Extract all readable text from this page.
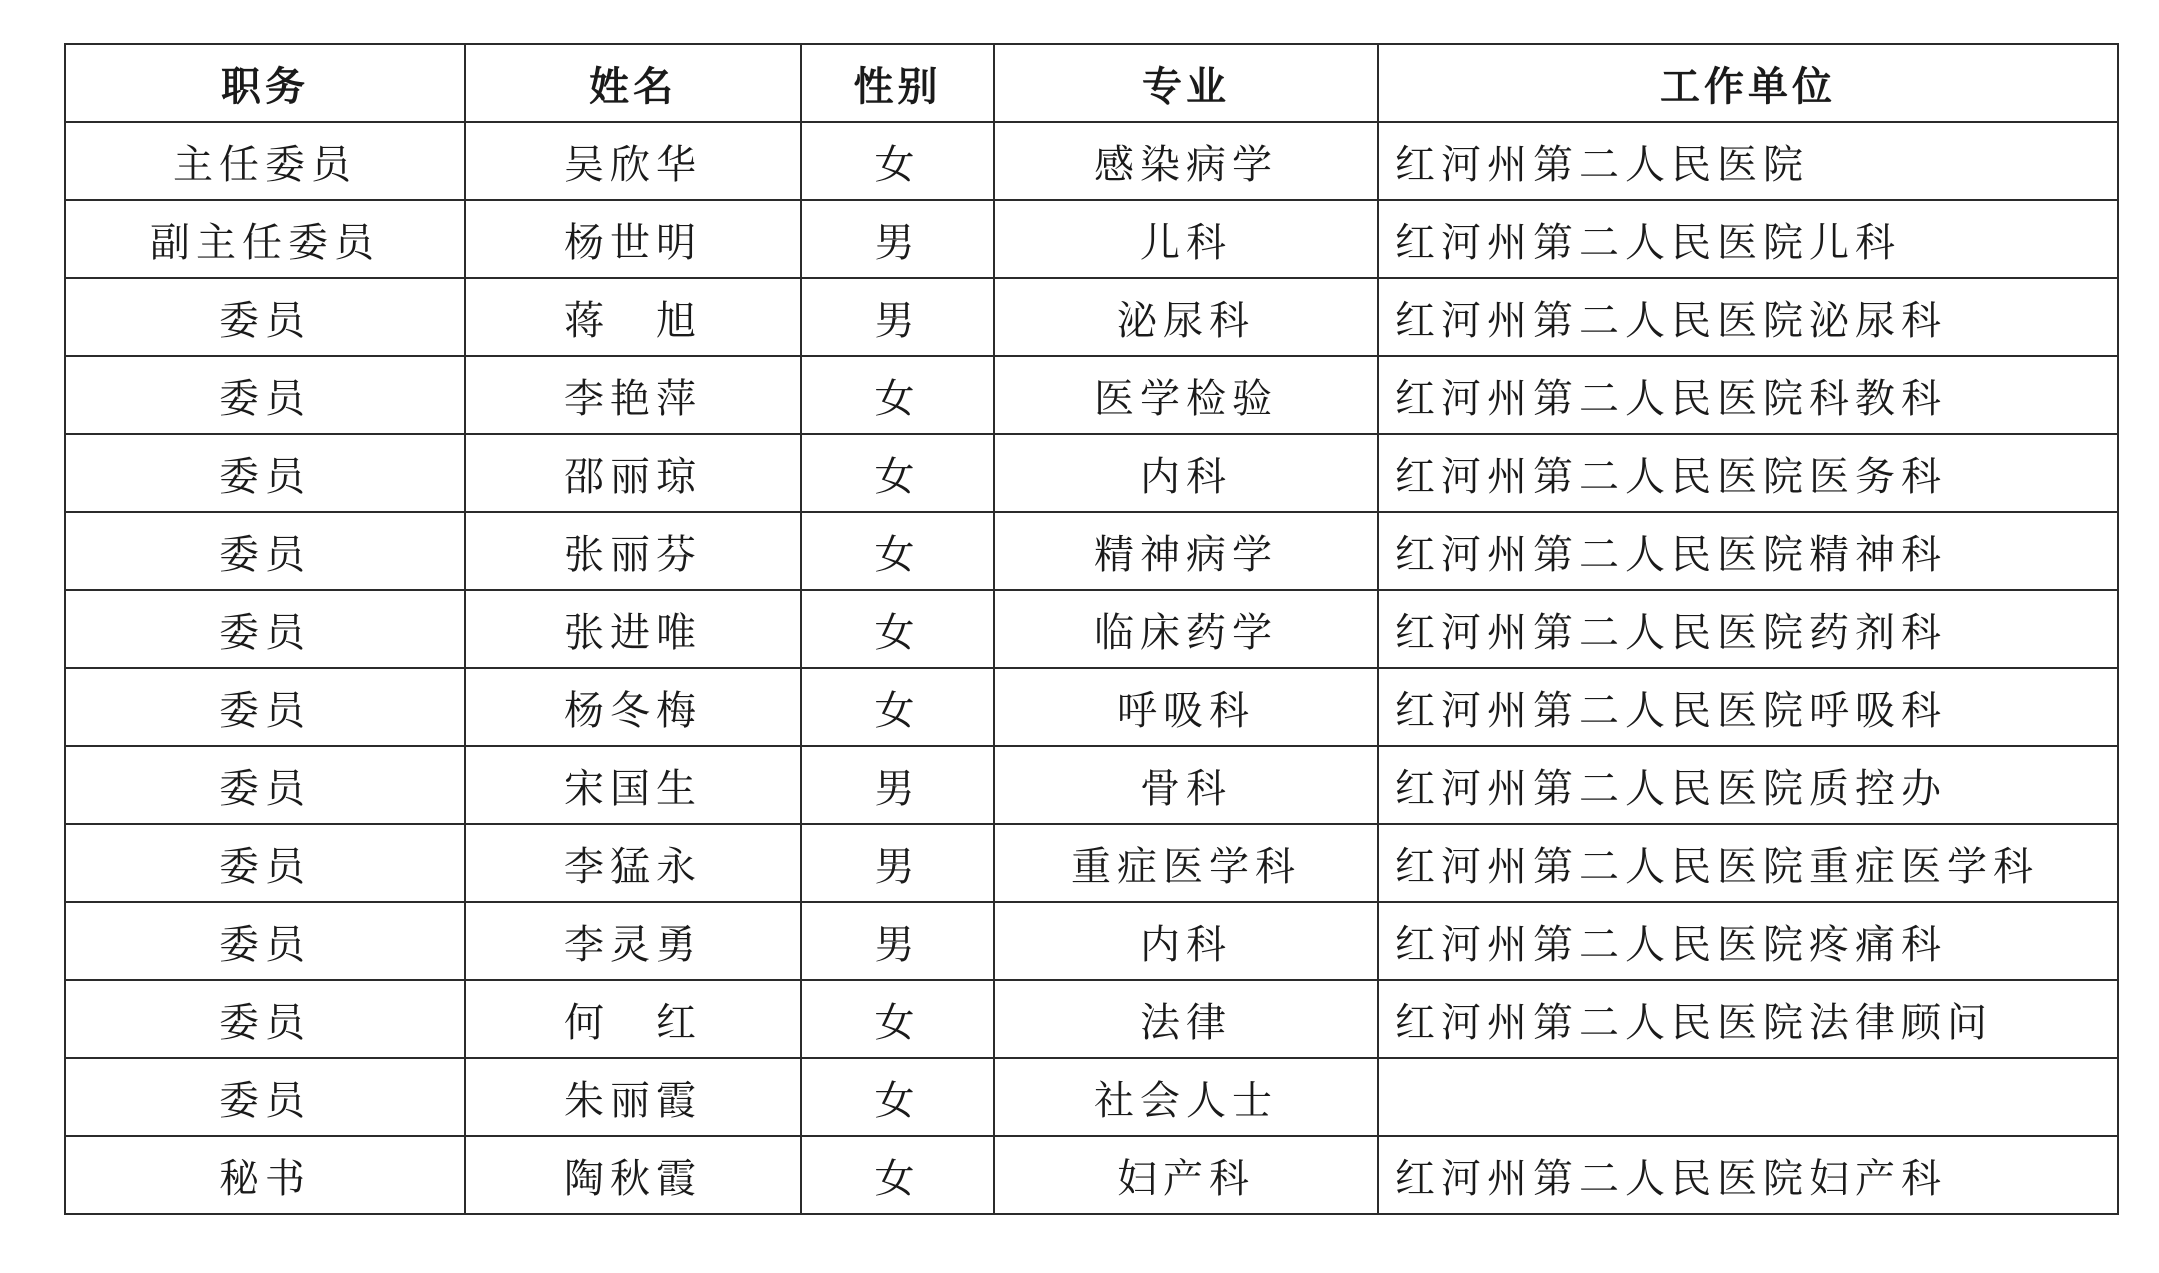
职务	姓名	性别	专业	工作单位
主任委员	吴欣华	女	感染病学	红河州第二人民医院
副主任委员	杨世明	男	儿科	红河州第二人民医院儿科
委员	蒋　旭	男	泌尿科	红河州第二人民医院泌尿科
委员	李艳萍	女	医学检验	红河州第二人民医院科教科
委员	邵丽琼	女	内科	红河州第二人民医院医务科
委员	张丽芬	女	精神病学	红河州第二人民医院精神科
委员	张进唯	女	临床药学	红河州第二人民医院药剂科
委员	杨冬梅	女	呼吸科	红河州第二人民医院呼吸科
委员	宋国生	男	骨科	红河州第二人民医院质控办
委员	李猛永	男	重症医学科	红河州第二人民医院重症医学科
委员	李灵勇	男	内科	红河州第二人民医院疼痛科
委员	何　红	女	法律	红河州第二人民医院法律顾问
委员	朱丽霞	女	社会人士	
秘书	陶秋霞	女	妇产科	红河州第二人民医院妇产科
